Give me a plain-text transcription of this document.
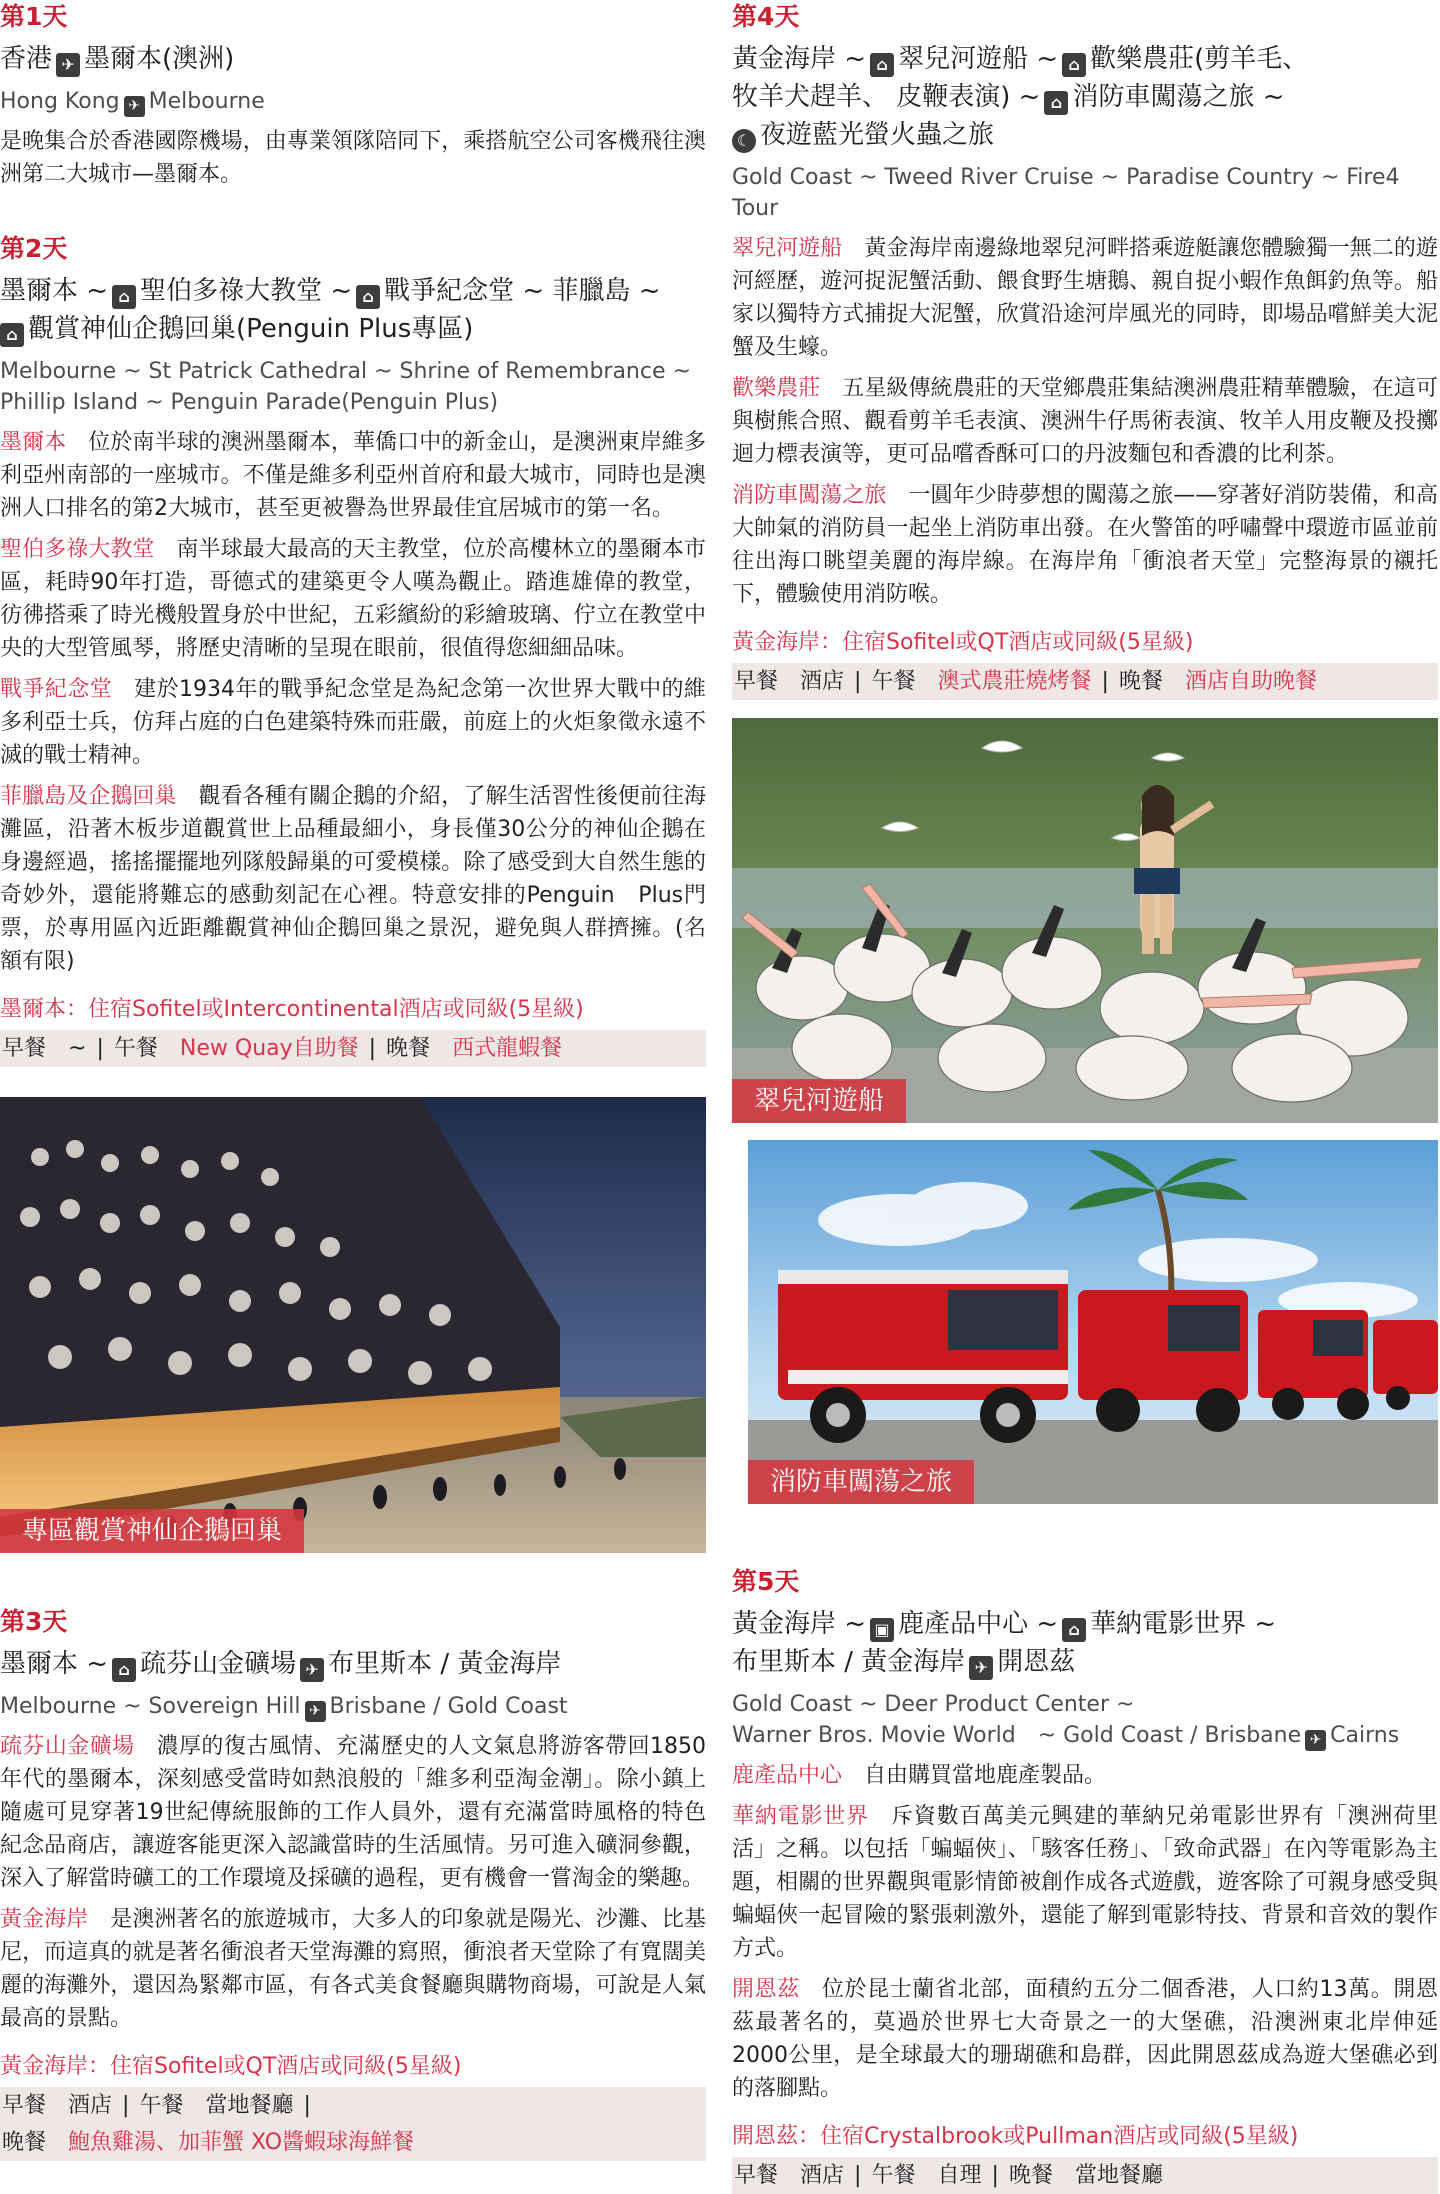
第1天
香港 ✈ 墨爾本(澳洲)
Hong Kong ✈ Melbourne

是晚集合於香港國際機場，由專業領隊陪同下，乘搭航空公司客機飛往澳洲第二大城市—墨爾本。

第2天
墨爾本 ~ ⌂ 聖伯多祿大教堂 ~ ⌂ 戰爭紀念堂 ~ 菲臘島 ~
⌂ 觀賞神仙企鵝回巢(Penguin Plus專區)
Melbourne ~ St Patrick Cathedral ~ Shrine of Remembrance ~ Phillip Island ~ Penguin Parade(Penguin Plus)

墨爾本 位於南半球的澳洲墨爾本，華僑口中的新金山，是澳洲東岸維多利亞州南部的一座城市。不僅是維多利亞州首府和最大城市，同時也是澳洲人口排名的第2大城市，甚至更被譽為世界最佳宜居城市的第一名。

聖伯多祿大教堂 南半球最大最高的天主教堂，位於高樓林立的墨爾本市區，耗時90年打造，哥德式的建築更令人嘆為觀止。踏進雄偉的教堂，彷彿搭乘了時光機般置身於中世紀，五彩繽紛的彩繪玻璃、佇立在教堂中央的大型管風琴，將歷史清晰的呈現在眼前，很值得您細細品味。

戰爭紀念堂 建於1934年的戰爭紀念堂是為紀念第一次世界大戰中的維多利亞士兵，仿拜占庭的白色建築特殊而莊嚴，前庭上的火炬象徵永遠不滅的戰士精神。

菲臘島及企鵝回巢 觀看各種有關企鵝的介紹，了解生活習性後便前往海灘區，沿著木板步道觀賞世上品種最細小，身長僅30公分的神仙企鵝在身邊經過，搖搖擺擺地列隊般歸巢的可愛模樣。除了感受到大自然生態的奇妙外，還能將難忘的感動刻記在心裡。特意安排的Penguin　Plus門票，於專用區內近距離觀賞神仙企鵝回巢之景況，避免與人群擠擁。(名額有限)

墨爾本：住宿Sofitel或Intercontinental酒店或同級(5星級)
早餐　 ~ | 午餐　 New Quay自助餐 | 晚餐　 西式龍蝦餐
專區觀賞神仙企鵝回巢
第3天
墨爾本 ~ ⌂ 疏芬山金礦場 ✈ 布里斯本 / 黃金海岸
Melbourne ~ Sovereign Hill ✈ Brisbane / Gold Coast

疏芬山金礦場 濃厚的復古風情、充滿歷史的人文氣息將游客帶回1850年代的墨爾本，深刻感受當時如熱浪般的「維多利亞淘金潮」。除小鎮上隨處可見穿著19世紀傳統服飾的工作人員外，還有充滿當時風格的特色紀念品商店，讓遊客能更深入認識當時的生活風情。另可進入礦洞參觀，深入了解當時礦工的工作環境及採礦的過程，更有機會一嘗淘金的樂趣。

黃金海岸 是澳洲著名的旅遊城市，大多人的印象就是陽光、沙灘、比基尼，而這真的就是著名衝浪者天堂海灘的寫照，衝浪者天堂除了有寬闊美麗的海灘外，還因為緊鄰市區，有各式美食餐廳與購物商場，可說是人氣最高的景點。

黃金海岸：住宿Sofitel或QT酒店或同級(5星級)
早餐　 酒店 | 午餐　 當地餐廳 |
晚餐　 鮑魚雞湯、加菲蟹 XO醬蝦球海鮮餐
第4天
黃金海岸 ~ ⌂ 翠兒河遊船 ~ ⌂ 歡樂農莊(剪羊毛、
牧羊犬趕羊、 皮鞭表演) ~ ⌂ 消防車闖蕩之旅 ~
☾ 夜遊藍光螢火蟲之旅
Gold Coast ~ Tweed River Cruise ~ Paradise Country ~ Fire4 Tour

翠兒河遊船 黃金海岸南邊綠地翠兒河畔搭乘遊艇讓您體驗獨一無二的遊河經歷，遊河捉泥蟹活動、餵食野生塘鵝、親自捉小蝦作魚餌釣魚等。船家以獨特方式捕捉大泥蟹，欣賞沿途河岸風光的同時，即場品嚐鮮美大泥蟹及生蠔。

歡樂農莊 五星級傳統農莊的天堂鄉農莊集結澳洲農莊精華體驗，在這可與樹熊合照、觀看剪羊毛表演、澳洲牛仔馬術表演、牧羊人用皮鞭及投擲迴力標表演等，更可品嚐香酥可口的丹波麵包和香濃的比利茶。

消防車闖蕩之旅 一圓年少時夢想的闖蕩之旅——穿著好消防裝備，和高大帥氣的消防員一起坐上消防車出發。在火警笛的呼嘯聲中環遊市區並前往出海口眺望美麗的海岸線。在海岸角「衝浪者天堂」完整海景的襯托下，體驗使用消防喉。

黃金海岸：住宿Sofitel或QT酒店或同級(5星級)
早餐　 酒店 | 午餐　 澳式農莊燒烤餐 | 晚餐　 酒店自助晚餐
翠兒河遊船
消防車闖蕩之旅
第5天
黃金海岸 ~ ▣ 鹿產品中心 ~ ⌂ 華納電影世界 ~
布里斯本 / 黃金海岸 ✈ 開恩茲
Gold Coast ~ Deer Product Center ~
Warner Bros. Movie World　~ Gold Coast / Brisbane ✈ Cairns

鹿產品中心 自由購買當地鹿產製品。

華納電影世界 斥資數百萬美元興建的華納兄弟電影世界有「澳洲荷里活」之稱。以包括「蝙蝠俠」、「駭客任務」、「致命武器」在內等電影為主題，相關的世界觀與電影情節被創作成各式遊戲，遊客除了可親身感受與蝙蝠俠一起冒險的緊張刺激外，還能了解到電影特技、背景和音效的製作方式。

開恩茲 位於昆士蘭省北部，面積約五分二個香港，人口約13萬。開恩茲最著名的，莫過於世界七大奇景之一的大堡礁，沿澳洲東北岸伸延2000公里，是全球最大的珊瑚礁和島群，因此開恩茲成為遊大堡礁必到的落腳點。

開恩茲：住宿Crystalbrook或Pullman酒店或同級(5星級)
早餐　 酒店 | 午餐　 自理 | 晚餐　 當地餐廳
